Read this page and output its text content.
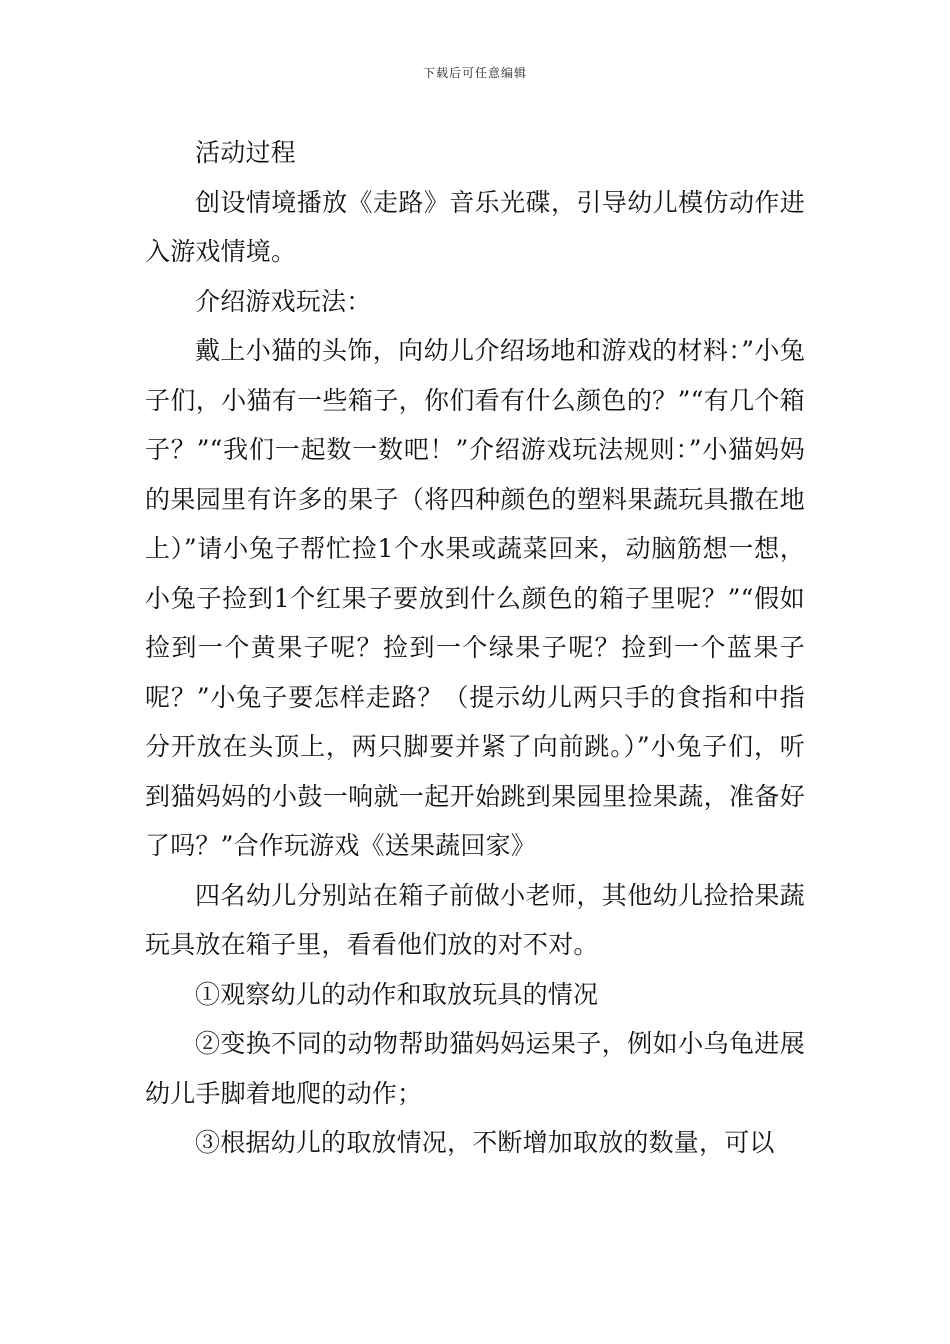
下载后可任意编辑

活动过程

创设情境播放《走路》音乐光碟，引导幼儿模仿动作进入游戏情境。

介绍游戏玩法：

戴上小猫的头饰，向幼儿介绍场地和游戏的材料：”小兔子们，小猫有一些箱子，你们看有什么颜色的？”“有几个箱子？”“我们一起数一数吧！”介绍游戏玩法规则：”小猫妈妈的果园里有许多的果子（将四种颜色的塑料果蔬玩具撒在地上）”请小兔子帮忙捡1个水果或蔬菜回来，动脑筋想一想，小兔子捡到1个红果子要放到什么颜色的箱子里呢？”“假如捡到一个黄果子呢？捡到一个绿果子呢？捡到一个蓝果子呢？”小兔子要怎样走路？（提示幼儿两只手的食指和中指分开放在头顶上，两只脚要并紧了向前跳。）”小兔子们，听到猫妈妈的小鼓一响就一起开始跳到果园里捡果蔬，准备好了吗？”合作玩游戏《送果蔬回家》

四名幼儿分别站在箱子前做小老师，其他幼儿捡拾果蔬玩具放在箱子里，看看他们放的对不对。

①观察幼儿的动作和取放玩具的情况

②变换不同的动物帮助猫妈妈运果子，例如小乌龟进展幼儿手脚着地爬的动作；

③根据幼儿的取放情况，不断增加取放的数量，可以
